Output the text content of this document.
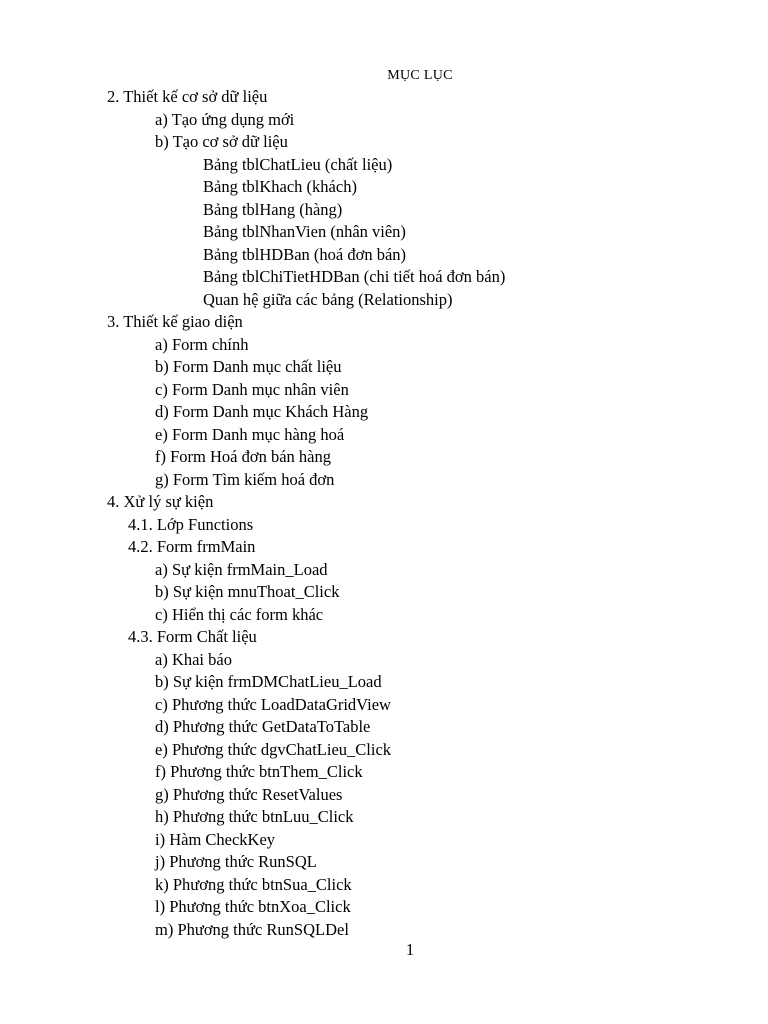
MỤC LỤC
2. Thiết kế cơ sở dữ liệu
a) Tạo ứng dụng mới
b) Tạo cơ sở dữ liệu
Bảng tblChatLieu (chất liệu)
Bảng tblKhach (khách)
Bảng tblHang (hàng)
Bảng tblNhanVien (nhân viên)
Bảng tblHDBan (hoá đơn bán)
Bảng tblChiTietHDBan (chi tiết hoá đơn bán)
Quan hệ giữa các bảng (Relationship)
3. Thiết kế giao diện
a) Form chính
b) Form Danh mục chất liệu
c) Form Danh mục nhân viên
d) Form Danh mục Khách Hàng
e) Form Danh mục hàng hoá
f) Form Hoá đơn bán hàng
g) Form Tìm kiếm hoá đơn
4. Xử lý sự kiện
4.1. Lớp Functions
4.2. Form frmMain
a) Sự kiện frmMain_Load
b) Sự kiện mnuThoat_Click
c) Hiển thị các form khác
4.3. Form Chất liệu
a) Khai báo
b) Sự kiện frmDMChatLieu_Load
c) Phương thức LoadDataGridView
d) Phương thức GetDataToTable
e) Phương thức dgvChatLieu_Click
f) Phương thức btnThem_Click
g) Phương thức ResetValues
h) Phương thức btnLuu_Click
i) Hàm CheckKey
j) Phương thức RunSQL
k) Phương thức btnSua_Click
l) Phương thức btnXoa_Click
m) Phương thức RunSQLDel
1
